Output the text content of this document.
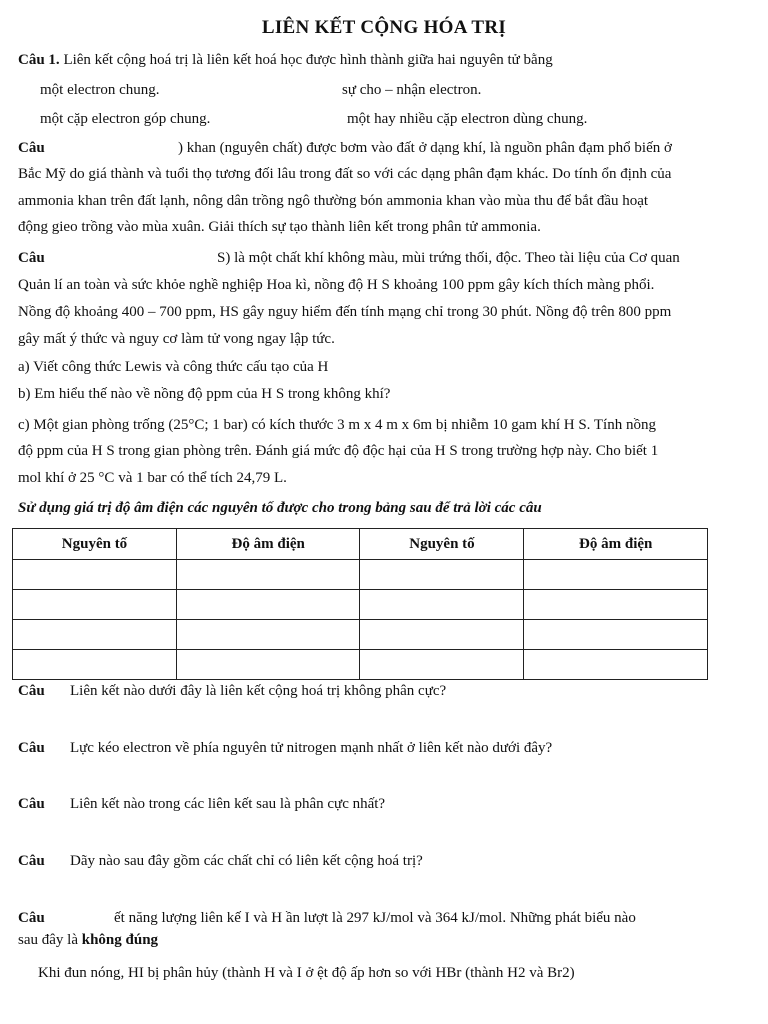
LIÊN KẾT CỘNG HÓA TRỊ
Câu 1. Liên kết cộng hoá trị là liên kết hoá học được hình thành giữa hai nguyên tử bằng
một electron chung.	sự cho – nhận electron.
một cặp electron góp chung.	một hay nhiều cặp electron dùng chung.
Câu	) khan (nguyên chất) được bơm vào đất ở dạng khí, là nguồn phân đạm phổ biến ở
Bắc Mỹ do giá thành và tuổi thọ tương đối lâu trong đất so với các dạng phân đạm khác. Do tính ổn định của
ammonia khan trên đất lạnh, nông dân trồng ngô thường bón ammonia khan vào mùa thu để bắt đầu hoạt
động gieo trồng vào mùa xuân. Giải thích sự tạo thành liên kết trong phân tử ammonia.
Câu	S) là một chất khí không màu, mùi trứng thối, độc. Theo tài liệu của Cơ quan
Quản lí an toàn và sức khỏe nghề nghiệp Hoa kì, nồng độ H S khoảng 100 ppm gây kích thích màng phổi.
Nồng độ khoảng 400 – 700 ppm, HS gây nguy hiểm đến tính mạng chỉ trong 30 phút. Nồng độ trên 800 ppm
gây mất ý thức và nguy cơ làm tử vong ngay lập tức.
a) Viết công thức Lewis và công thức cấu tạo của H
b) Em hiểu thế nào về nồng độ ppm của H S trong không khí?
c) Một gian phòng trống (25°C; 1 bar) có kích thước 3 m x 4 m x 6m bị nhiễm 10 gam khí H S. Tính nồng
độ ppm của H S trong gian phòng trên. Đánh giá mức độ độc hại của H S trong trường hợp này. Cho biết 1
mol khí ở 25 °C và 1 bar có thể tích 24,79 L.
Sử dụng giá trị độ âm điện các nguyên tố được cho trong bảng sau để trả lời các câu
Nguyên tố	Độ âm điện	Nguyên tố	Độ âm điện

Câu Liên kết nào dưới đây là liên kết cộng hoá trị không phân cực?
Câu Lực kéo electron về phía nguyên tử nitrogen mạnh nhất ở liên kết nào dưới đây?
Câu Liên kết nào trong các liên kết sau là phân cực nhất?
Câu Dãy nào sau đây gồm các chất chỉ có liên kết cộng hoá trị?
Câu	ết năng lượng liên kế I và H ần lượt là 297 kJ/mol và 364 kJ/mol. Những phát biểu nào
sau đây là không đúng
Khi đun nóng, HI bị phân hủy (thành H và I ở ệt độ ấp hơn so với HBr (thành H2 và Br2)
